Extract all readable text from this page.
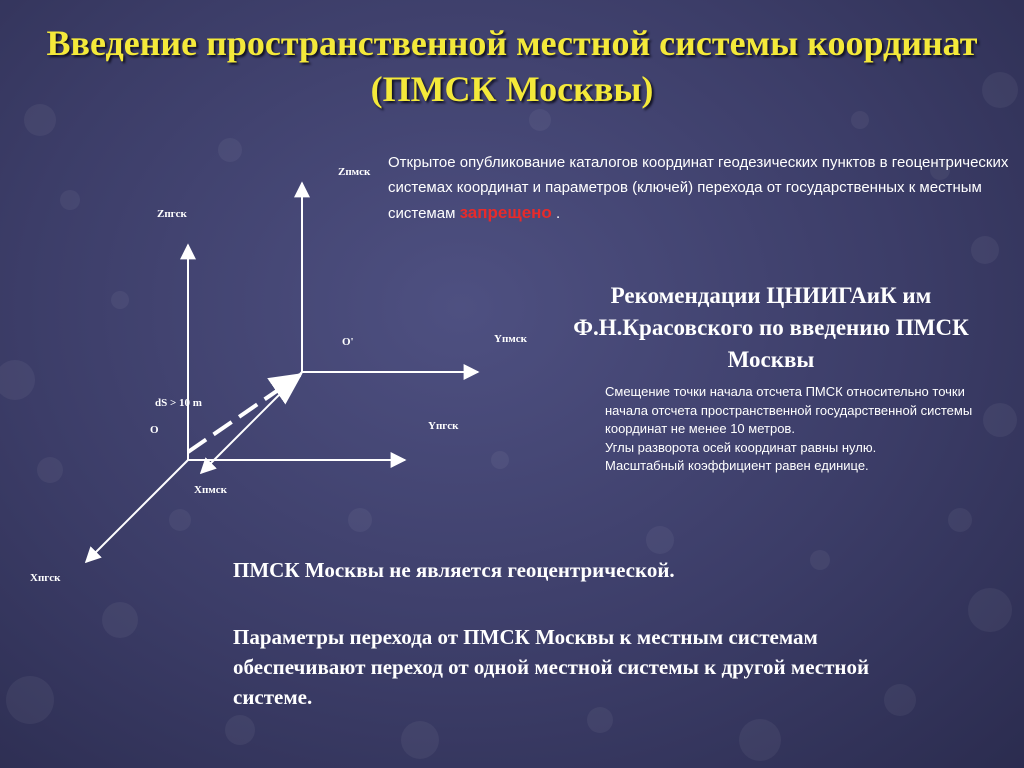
Введение пространственной местной системы координат (ПМСК Москвы)
Zпмск
Zпгск
Yпмск
Yпгск
Xпмск
Xпгск
O'
O
dS > 10 m

Открытое опубликование каталогов координат геодезических пунктов в геоцентрических системах координат и параметров (ключей) перехода от государственных к местным системам запрещено .

Рекомендации ЦНИИГАиК им Ф.Н.Красовского по введению ПМСК Москвы
Смещение точки начала отсчета ПМСК относительно точки начала отсчета пространственной государственной системы координат не менее 10 метров.
Углы разворота осей координат равны нулю.
Масштабный коэффициент равен единице.

ПМСК Москвы не является геоцентрической.

Параметры перехода от ПМСК Москвы к местным системам обеспечивают переход от одной местной системы к другой местной системе.
